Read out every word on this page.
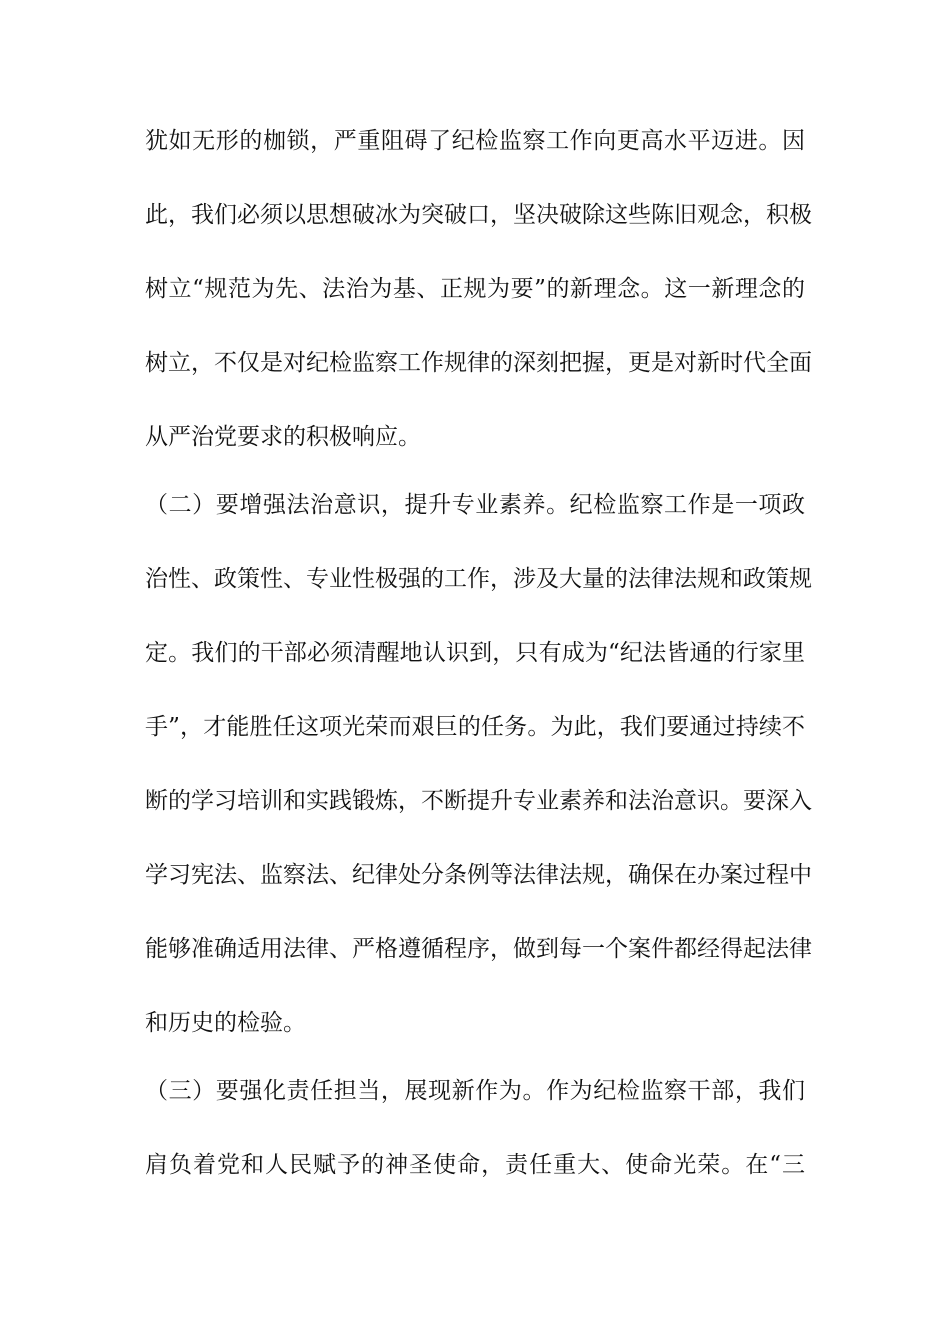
犹如无形的枷锁，严重阻碍了纪检监察工作向更高水平迈进。因
此，我们必须以思想破冰为突破口，坚决破除这些陈旧观念，积极
树立“规范为先、法治为基、正规为要”的新理念。这一新理念的
树立，不仅是对纪检监察工作规律的深刻把握，更是对新时代全面
从严治党要求的积极响应。
（二）要增强法治意识，提升专业素养。纪检监察工作是一项政
治性、政策性、专业性极强的工作，涉及大量的法律法规和政策规
定。我们的干部必须清醒地认识到，只有成为“纪法皆通的行家里
手”，才能胜任这项光荣而艰巨的任务。为此，我们要通过持续不
断的学习培训和实践锻炼，不断提升专业素养和法治意识。要深入
学习宪法、监察法、纪律处分条例等法律法规，确保在办案过程中
能够准确适用法律、严格遵循程序，做到每一个案件都经得起法律
和历史的检验。
（三）要强化责任担当，展现新作为。作为纪检监察干部，我们
肩负着党和人民赋予的神圣使命，责任重大、使命光荣。在“三
